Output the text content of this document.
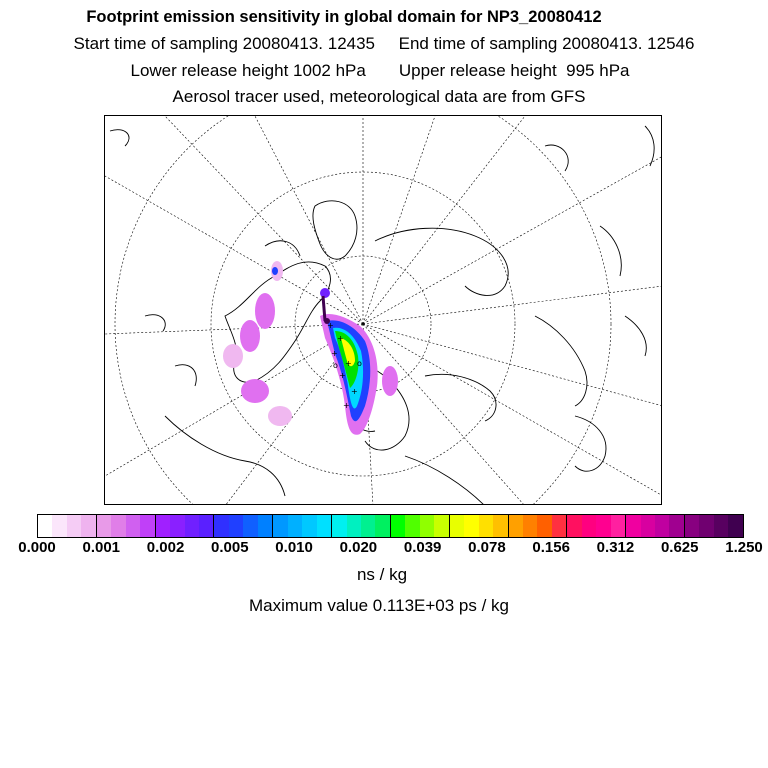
Footprint emission sensitivity in global domain for NP3_20080412
Start time of sampling 20080413. 12435     End time of sampling 20080413. 12546
Lower release height 1002 hPa       Upper release height  995 hPa
Aerosol tracer used, meteorological data are from GFS
+
+
+
+
+
+
+
o
o
0.000 0.001 0.002 0.005 0.010 0.020 0.039 0.078 0.156 0.312 0.625 1.250
ns / kg
Maximum value 0.113E+03 ps / kg
